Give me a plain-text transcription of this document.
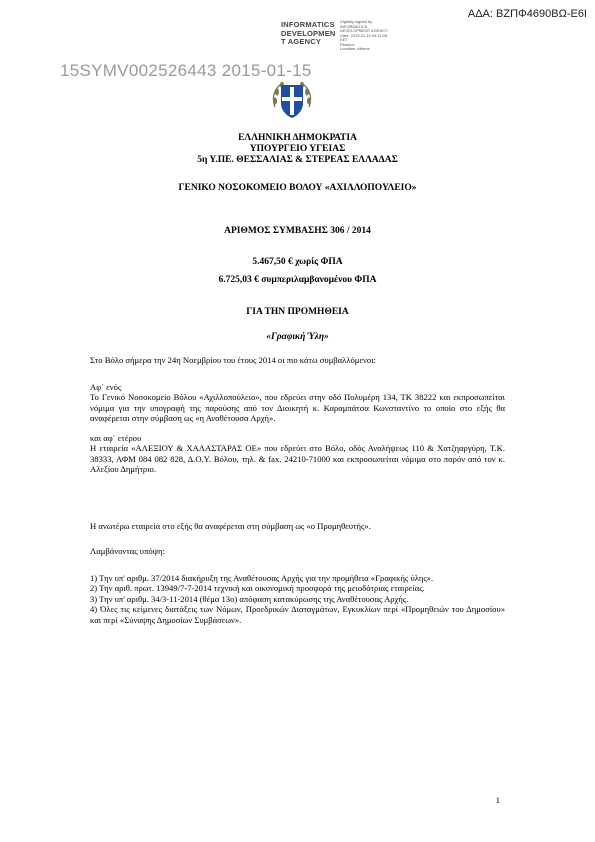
ΑΔΑ: ΒΖΠΦ4690ΒΩ-Ε6Ι
INFORMATICS
DEVELOPMEN
T AGENCY
Digitally signed by
INFORMATICS
DEVELOPMENT AGENCY
Date: 2015.01.15 09:11:08
EET
Reason:
Location: Athens
15SYMV002526443 2015-01-15
ΕΛΛΗΝΙΚΗ ΔΗΜΟΚΡΑΤΙΑ
ΥΠΟΥΡΓΕΙΟ ΥΓΕΙΑΣ
5η Υ.ΠΕ. ΘΕΣΣΑΛΙΑΣ & ΣΤΕΡΕΑΣ ΕΛΛΑΔΑΣ
ΓΕΝΙΚΟ ΝΟΣΟΚΟΜΕΙΟ ΒΟΛΟΥ «ΑΧΙΛΛΟΠΟΥΛΕΙΟ»
ΑΡΙΘΜΟΣ ΣΥΜΒΑΣΗΣ 306 / 2014
5.467,50 € χωρίς ΦΠΑ
6.725,03 € συμπεριλαμβανομένου ΦΠΑ
ΓΙΑ ΤΗΝ ΠΡΟΜΗΘΕΙΑ
«Γραφική Ύλη»
Στο Βόλο σήμερα την 24η Νοεμβρίου του έτους 2014 οι πιο κάτω συμβαλλόμενοι:

Αφ΄ ενός

Το Γενικό Νοσοκομείο Βόλου «Αχιλλοπούλειο», που εδρεύει στην οδό Πολυμέρη 134, ΤΚ 38222 και εκπροσωπείται νόμιμα για την υπογραφή της παρούσης από τον Διοικητή κ. Καραμπάτσα Κωνσταντίνο το οποίο στο εξής θα αναφέρεται στην σύμβαση ως «η Αναθέτουσα Αρχή».

και αφ΄ ετέρου

Η εταιρεία «ΑΛΕΞΙΟΥ & ΧΑΛΑΣΤΑΡΑΣ ΟΕ» που εδρεύει στο Βόλο, οδός Αναλήψεως 110 & Χατζηαργύρη, Τ.Κ. 38333, ΑΦΜ 084 082 828, Δ.Ο.Υ. Βόλου, τηλ. & fax. 24210-71000 και εκπροσωπείται νόμιμα στο παρόν από τον κ. Αλεξίου Δημήτριο.

Η ανωτέρω εταιρεία στο εξής θα αναφέρεται στη σύμβαση ως «ο Προμηθευτής».
Λαμβάνοντας υπόψη:

1) Την υπ' αριθμ. 37/2014 διακήρυξη της Αναθέτουσας Αρχής για την προμήθεια «Γραφικής ύλης».

2) Την αριθ. πρωτ. 13949/7-7-2014 τεχνική και οικονομική προσφορά της μειοδότριας εταιρείας.

3) Την υπ' αριθμ. 34/3-11-2014 (θέμα 13ο) απόφαση κατακύρωσης της Αναθέτουσας Αρχής.

4) Όλες τις κείμενες διατάξεις των Νόμων, Προεδρικών Διαταγμάτων, Εγκυκλίων περί «Προμηθειών του Δημοσίου» και περί «Σύναψης Δημοσίων Συμβάσεων».

1
